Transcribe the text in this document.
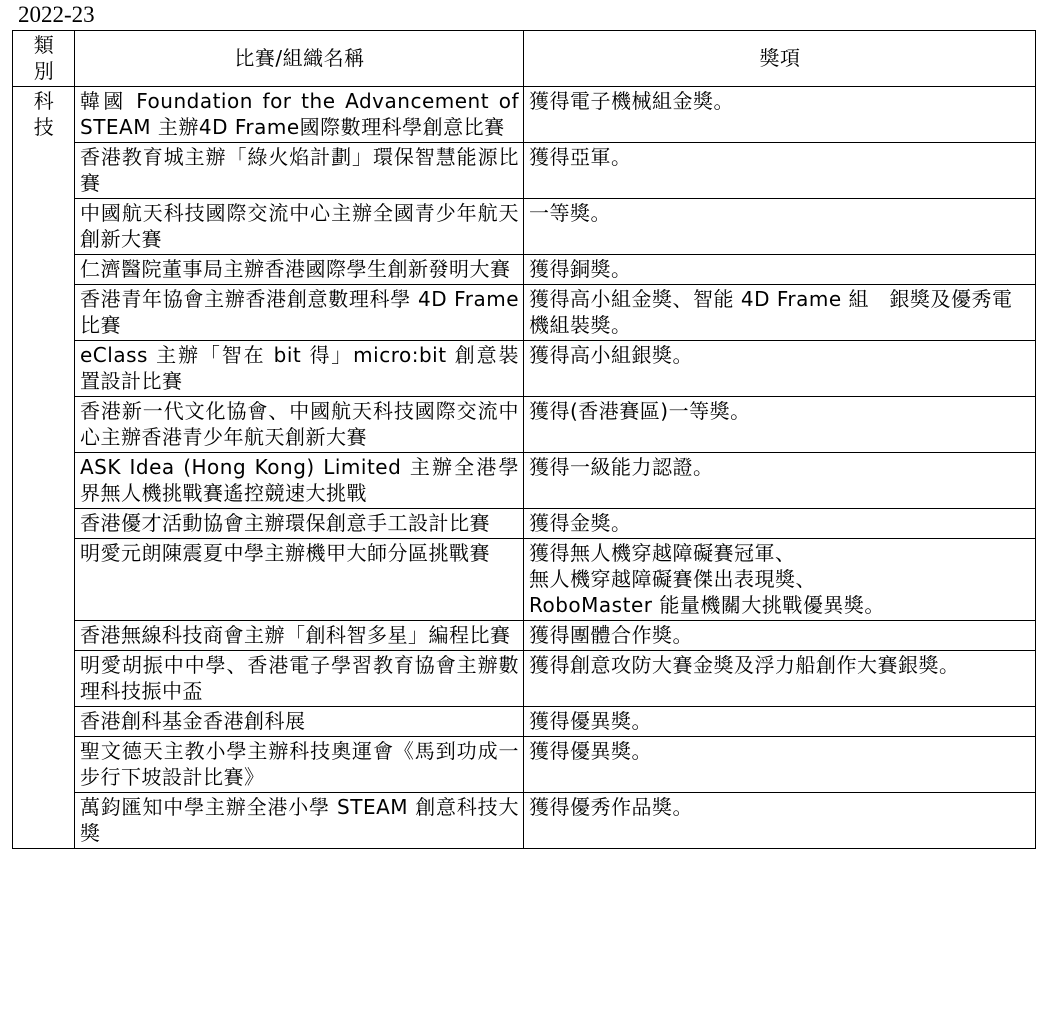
2022-23
類
別	比賽/組織名稱	獎項
科
技	韓國 Foundation for the Advancement of STEAM 主辦4D Frame國際數理科學創意比賽	獲得電子機械組金獎。

	香港教育城主辦「綠火焰計劃」環保智慧能源比賽	獲得亞軍。

	中國航天科技國際交流中心主辦全國青少年航天創新大賽	一等獎。

	仁濟醫院董事局主辦香港國際學生創新發明大賽	獲得銅獎。

	香港青年協會主辦香港創意數理科學 4D Frame 比賽	獲得高小組金獎、智能 4D Frame 組　銀獎及優秀電機組裝獎。

	eClass 主辦「智在 bit 得」micro:bit 創意裝置設計比賽	獲得高小組銀獎。

	香港新一代文化協會、中國航天科技國際交流中心主辦香港青少年航天創新大賽	獲得(香港賽區)一等獎。

	ASK Idea (Hong Kong) Limited 主辦全港學界無人機挑戰賽遙控競速大挑戰	獲得一級能力認證。

	香港優才活動協會主辦環保創意手工設計比賽	獲得金獎。

	明愛元朗陳震夏中學主辦機甲大師分區挑戰賽	獲得無人機穿越障礙賽冠軍、
無人機穿越障礙賽傑出表現獎、
RoboMaster 能量機關大挑戰優異獎。

	香港無線科技商會主辦「創科智多星」編程比賽	獲得團體合作獎。

	明愛胡振中中學、香港電子學習教育協會主辦數理科技振中盃	獲得創意攻防大賽金獎及浮力船創作大賽銀獎。

	香港創科基金香港創科展	獲得優異獎。

	聖文德天主教小學主辦科技奧運會《馬到功成一步行下坡設計比賽》	獲得優異獎。

	萬鈞匯知中學主辦全港小學 STEAM 創意科技大獎	獲得優秀作品獎。
